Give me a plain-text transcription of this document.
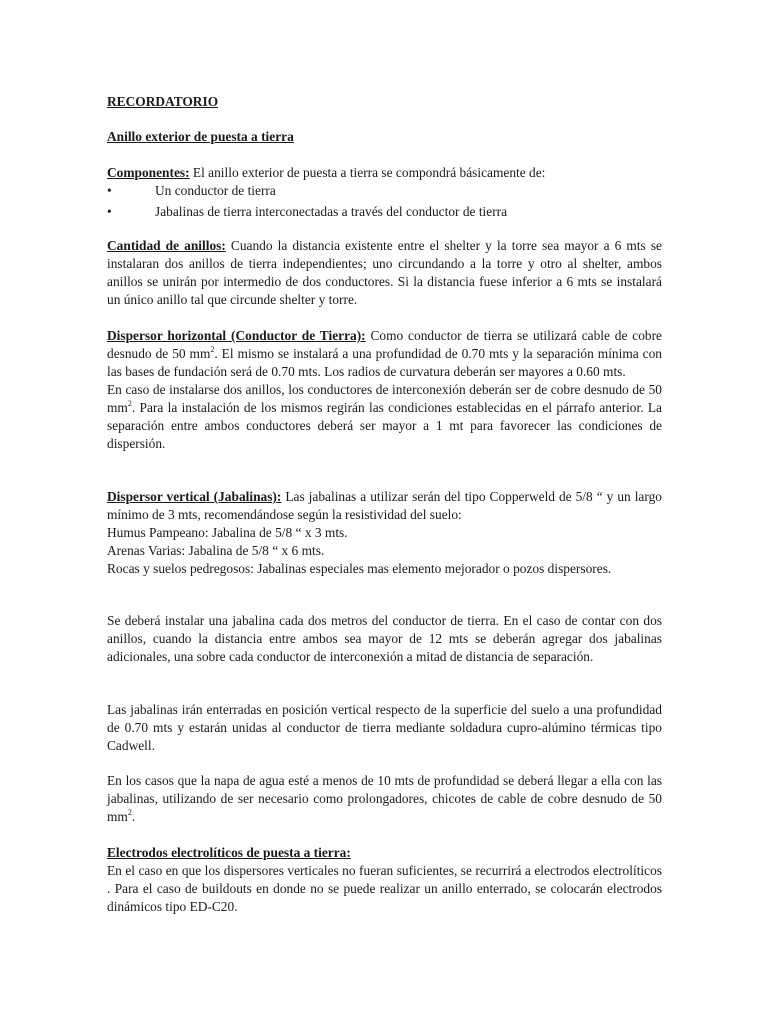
RECORDATORIO

Anillo exterior de puesta a tierra

Componentes: El anillo exterior de puesta a tierra se compondrá básicamente de:

•	Un conductor de tierra
•	Jabalinas de tierra interconectadas a través del conductor de tierra

Cantidad de anillos: Cuando la distancia existente entre el shelter y la torre sea mayor a 6 mts se instalaran dos anillos de tierra independientes; uno circundando a la torre y otro al shelter, ambos anillos se unirán por intermedio de dos conductores. Si la distancia fuese inferior a 6 mts se instalará un único anillo tal que circunde shelter y torre.

Dispersor horizontal (Conductor de Tierra): Como conductor de tierra se utilizará cable de cobre desnudo de 50 $mm^2$. El mismo se instalará a una profundidad de 0.70 mts y la separación mínima con las bases de fundación será de 0.70 mts. Los radios de curvatura deberán ser mayores a 0.60 mts.

En caso de instalarse dos anillos, los conductores de interconexión deberán ser de cobre desnudo de 50 $mm^2$. Para la instalación de los mismos regirán las condiciones establecidas en el párrafo anterior. La separación entre ambos conductores deberá ser mayor a 1 mt para favorecer las condiciones de dispersión.

Dispersor vertical (Jabalinas): Las jabalinas a utilizar serán del tipo Copperweld de 5/8 “ y un largo mínimo de 3 mts, recomendándose según la resistividad del suelo:

Humus Pampeano: Jabalina de 5/8 “ x 3 mts.

Arenas Varias: Jabalina de 5/8 “ x 6 mts.

Rocas y suelos pedregosos: Jabalinas especiales mas elemento mejorador o pozos dispersores.

Se deberá instalar una jabalina cada dos metros del conductor de tierra. En el caso de contar con dos anillos, cuando la distancia entre ambos sea mayor de 12 mts se deberán agregar dos jabalinas adicionales, una sobre cada conductor de interconexión a mitad de distancia de separación.

Las jabalinas irán enterradas en posición vertical respecto de la superficie del suelo a una profundidad de 0.70 mts y estarán unidas al conductor de tierra mediante soldadura cupro-alúmino térmicas tipo Cadwell.

En los casos que la napa de agua esté a menos de 10 mts de profundidad se deberá llegar a ella con las jabalinas, utilizando de ser necesario como prolongadores, chicotes de cable de cobre desnudo de 50 $mm^2$.

Electrodos electrolíticos de puesta a tierra:

En el caso en que los dispersores verticales no fueran suficientes, se recurrirá a electrodos electrolíticos . Para el caso de buildouts en donde no se puede realizar un anillo enterrado, se colocarán electrodos dinámicos tipo ED-C20.
